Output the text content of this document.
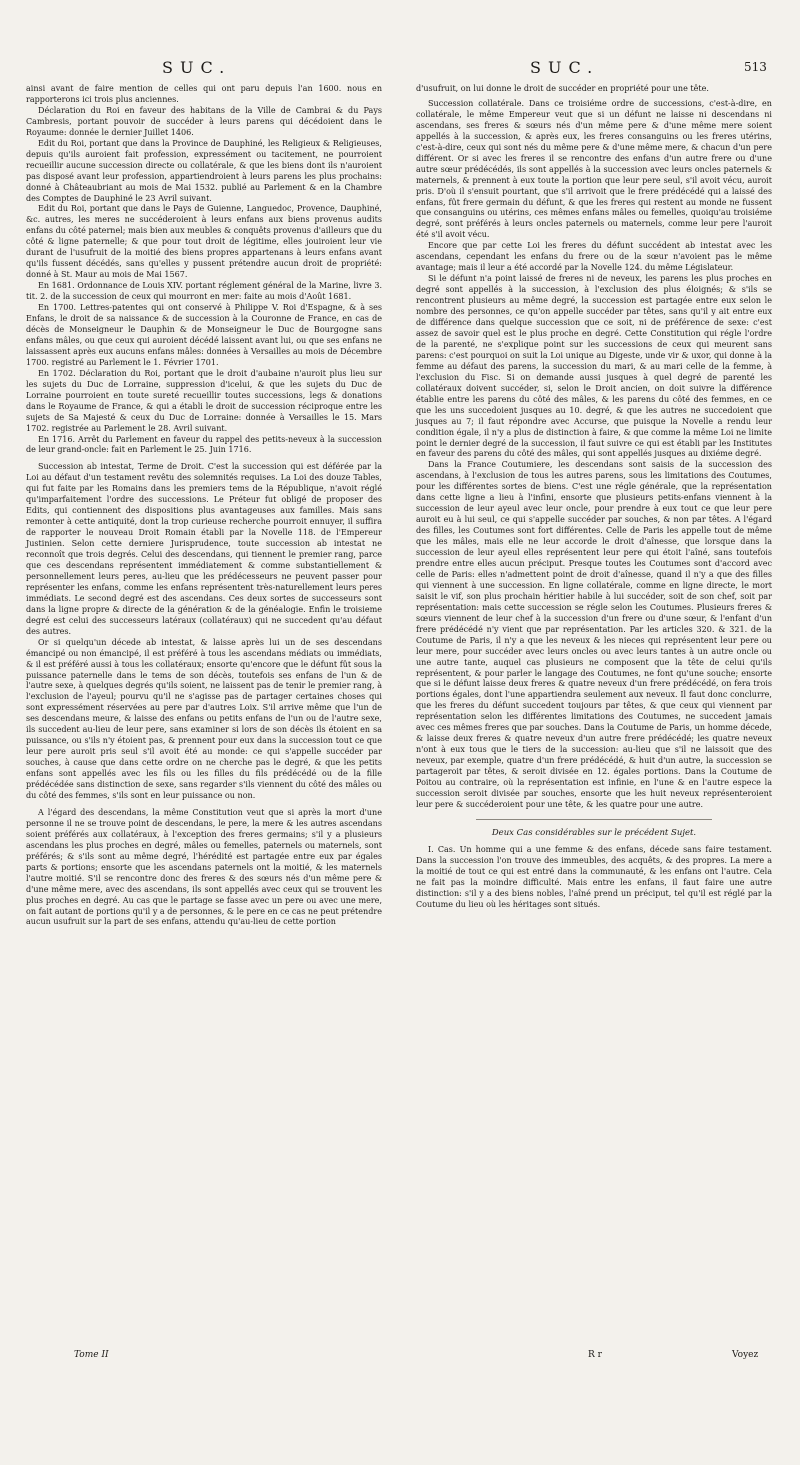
SUC.	SUC.	513

ainsi avant de faire mention de celles qui ont paru depuis l'an 1600. nous en rapporterons ici trois plus anciennes.

Déclaration du Roi en faveur des habitans de la Ville de Cambrai & du Pays Cambresis, portant pouvoir de succéder à leurs parens qui décédoient dans le Royaume: donnée le dernier Juillet 1406.

Edit du Roi, portant que dans la Province de Dauphiné, les Religieux & Religieuses, depuis qu'ils auroient fait profession, expressément ou tacitement, ne pourroient recueillir aucune succession directe ou collatérale, & que les biens dont ils n'auroient pas disposé avant leur profession, appartiendroient à leurs parens les plus prochains: donné à Châteaubriant au mois de Mai 1532. publié au Parlement & en la Chambre des Comptes de Dauphiné le 23 Avril suivant.

Edit du Roi, portant que dans le Pays de Guienne, Languedoc, Provence, Dauphiné, &c. autres, les meres ne succéderoient à leurs enfans aux biens provenus audits enfans du côté paternel; mais bien aux meubles & conquêts provenus d'ailleurs que du côté & ligne paternelle; & que pour tout droit de légitime, elles jouiroient leur vie durant de l'usufruit de la moitié des biens propres appartenans à leurs enfans avant qu'ils fussent décédés, sans qu'elles y pussent prétendre aucun droit de propriété: donné à St. Maur au mois de Mai 1567.

En 1681. Ordonnance de Louis XIV. portant réglement général de la Marine, livre 3. tit. 2. de la succession de ceux qui mourront en mer: faite au mois d'Août 1681.

En 1700. Lettres-patentes qui ont conservé à Philippe V. Roi d'Espagne, & à ses Enfans, le droit de sa naissance & de succession à la Couronne de France, en cas de décès de Monseigneur le Dauphin & de Monseigneur le Duc de Bourgogne sans enfans mâles, ou que ceux qui auroient décédé laissent avant lui, ou que ses enfans ne laissassent après eux aucuns enfans mâles: données à Versailles au mois de Décembre 1700. registré au Parlement le 1. Février 1701.

En 1702. Déclaration du Roi, portant que le droit d'aubaine n'auroit plus lieu sur les sujets du Duc de Lorraine, suppression d'icelui, & que les sujets du Duc de Lorraine pourroient en toute sureté recueillir toutes successions, legs & donations dans le Royaume de France, & qui a établi le droit de succession réciproque entre les sujets de Sa Majesté & ceux du Duc de Lorraine: donnée à Versailles le 15. Mars 1702. registrée au Parlement le 28. Avril suivant.

En 1716. Arrêt du Parlement en faveur du rappel des petits-neveux à la succession de leur grand-oncle: fait en Parlement le 25. Juin 1716.

Succession ab intestat, Terme de Droit. C'est la succession qui est déférée par la Loi au défaut d'un testament revêtu des solemnités requises. La Loi des douze Tables, qui fut faite par les Romains dans les premiers tems de la République, n'avoit réglé qu'imparfaitement l'ordre des successions. Le Préteur fut obligé de proposer des Edits, qui contiennent des dispositions plus avantageuses aux familles. Mais sans remonter à cette antiquité, dont la trop curieuse recherche pourroit ennuyer, il suffira de rapporter le nouveau Droit Romain établi par la Novelle 118. de l'Empereur Justinien. Selon cette derniere Jurisprudence, toute succession ab intestat ne reconnoît que trois degrés. Celui des descendans, qui tiennent le premier rang, parce que ces descendans représentent immédiatement & comme substantiellement & personnellement leurs peres, au-lieu que les prédécesseurs ne peuvent passer pour représenter les enfans, comme les enfans représentent très-naturellement leurs peres immédiats. Le second degré est des ascendans. Ces deux sortes de successeurs sont dans la ligne propre & directe de la génération & de la généalogie. Enfin le troisieme degré est celui des successeurs latéraux (collatéraux) qui ne succedent qu'au défaut des autres.

Or si quelqu'un décede ab intestat, & laisse après lui un de ses descendans émancipé ou non émancipé, il est préféré à tous les ascendans médiats ou immédiats, & il est préféré aussi à tous les collatéraux; ensorte qu'encore que le défunt fût sous la puissance paternelle dans le tems de son décès, toutefois ses enfans de l'un & de l'autre sexe, à quelques degrés qu'ils soient, ne laissent pas de tenir le premier rang, à l'exclusion de l'ayeul; pourvu qu'il ne s'agisse pas de partager certaines choses qui sont expressément réservées au pere par d'autres Loix. S'il arrive même que l'un de ses descendans meure, & laisse des enfans ou petits enfans de l'un ou de l'autre sexe, ils succedent au-lieu de leur pere, sans examiner si lors de son décès ils étoient en sa puissance, ou s'ils n'y étoient pas, & prennent pour eux dans la succession tout ce que leur pere auroit pris seul s'il avoit été au monde: ce qui s'appelle succéder par souches, à cause que dans cette ordre on ne cherche pas le degré, & que les petits enfans sont appellés avec les fils ou les filles du fils prédécédé ou de la fille prédécédée sans distinction de sexe, sans regarder s'ils viennent du côté des mâles ou du côté des femmes, s'ils sont en leur puissance ou non.

A l'égard des descendans, la même Constitution veut que si après la mort d'une personne il ne se trouve point de descendans, le pere, la mere & les autres ascendans soient préférés aux collatéraux, à l'exception des freres germains; s'il y a plusieurs ascendans les plus proches en degré, mâles ou femelles, paternels ou maternels, sont préférés; & s'ils sont au même degré, l'hérédité est partagée entre eux par égales parts & portions; ensorte que les ascendans paternels ont la moitié, & les maternels l'autre moitié. S'il se rencontre donc des freres & des sœurs nés d'un même pere & d'une même mere, avec des ascendans, ils sont appellés avec ceux qui se trouvent les plus proches en degré. Au cas que le partage se fasse avec un pere ou avec une mere, on fait autant de portions qu'il y a de personnes, & le pere en ce cas ne peut prétendre aucun usufruit sur la part de ses enfans, attendu qu'au-lieu de cette portion

d'usufruit, on lui donne le droit de succéder en propriété pour une tête.

Succession collatérale. Dans ce troisiéme ordre de successions, c'est-à-dire, en collatérale, le même Empereur veut que si un défunt ne laisse ni descendans ni ascendans, ses freres & sœurs nés d'un même pere & d'une même mere soient appellés à la succession, & après eux, les freres consanguins ou les freres utérins, c'est-à-dire, ceux qui sont nés du même pere & d'une même mere, & chacun d'un pere différent. Or si avec les freres il se rencontre des enfans d'un autre frere ou d'une autre sœur prédécédés, ils sont appellés à la succession avec leurs oncles paternels & maternels, & prennent à eux toute la portion que leur pere seul, s'il avoit vécu, auroit pris. D'où il s'ensuit pourtant, que s'il arrivoit que le frere prédécédé qui a laissé des enfans, fût frere germain du défunt, & que les freres qui restent au monde ne fussent que consanguins ou utérins, ces mêmes enfans mâles ou femelles, quoiqu'au troisiéme degré, sont préférés à leurs oncles paternels ou maternels, comme leur pere l'auroit été s'il avoit vécu.

Encore que par cette Loi les freres du défunt succédent ab intestat avec les ascendans, cependant les enfans du frere ou de la sœur n'avoient pas le même avantage; mais il leur a été accordé par la Novelle 124. du même Législateur.

Si le défunt n'a point laissé de freres ni de neveux, les parens les plus proches en degré sont appellés à la succession, à l'exclusion des plus éloignés; & s'ils se rencontrent plusieurs au même degré, la succession est partagée entre eux selon le nombre des personnes, ce qu'on appelle succéder par têtes, sans qu'il y ait entre eux de différence dans quelque succession que ce soit, ni de préférence de sexe: c'est assez de savoir quel est le plus proche en degré. Cette Constitution qui régle l'ordre de la parenté, ne s'explique point sur les successions de ceux qui meurent sans parens: c'est pourquoi on suit la Loi unique au Digeste, unde vir & uxor, qui donne à la femme au défaut des parens, la succession du mari, & au mari celle de la femme, à l'exclusion du Fisc. Si on demande aussi jusques à quel degré de parenté les collatéraux doivent succéder, si, selon le Droit ancien, on doit suivre la différence établie entre les parens du côté des mâles, & les parens du côté des femmes, en ce que les uns succedoient jusques au 10. degré, & que les autres ne succedoient que jusques au 7; il faut répondre avec Accurse, que puisque la Novelle a rendu leur condition égale, il n'y a plus de distinction à faire, & que comme la même Loi ne limite point le dernier degré de la succession, il faut suivre ce qui est établi par les Institutes en faveur des parens du côté des mâles, qui sont appellés jusques au dixiéme degré.

Dans la France Coutumiere, les descendans sont saisis de la succession des ascendans, à l'exclusion de tous les autres parens, sous les limitations des Coutumes, pour les différentes sortes de biens. C'est une régle générale, que la représentation dans cette ligne a lieu à l'infini, ensorte que plusieurs petits-enfans viennent à la succession de leur ayeul avec leur oncle, pour prendre à eux tout ce que leur pere auroit eu à lui seul, ce qui s'appelle succéder par souches, & non par têtes. A l'égard des filles, les Coutumes sont fort différentes. Celle de Paris les appelle tout de même que les mâles, mais elle ne leur accorde le droit d'aînesse, que lorsque dans la succession de leur ayeul elles représentent leur pere qui étoit l'aîné, sans toutefois prendre entre elles aucun préciput. Presque toutes les Coutumes sont d'accord avec celle de Paris: elles n'admettent point de droit d'aînesse, quand il n'y a que des filles qui viennent à une succession. En ligne collatérale, comme en ligne directe, le mort saisit le vif, son plus prochain héritier habile à lui succéder, soit de son chef, soit par représentation: mais cette succession se régle selon les Coutumes. Plusieurs freres & sœurs viennent de leur chef à la succession d'un frere ou d'une sœur, & l'enfant d'un frere prédécédé n'y vient que par représentation. Par les articles 320. & 321. de la Coutume de Paris, il n'y a que les neveux & les nieces qui représentent leur pere ou leur mere, pour succéder avec leurs oncles ou avec leurs tantes à un autre oncle ou une autre tante, auquel cas plusieurs ne composent que la tête de celui qu'ils représentent, & pour parler le langage des Coutumes, ne font qu'une souche; ensorte que si le défunt laisse deux freres & quatre neveux d'un frere prédécédé, on fera trois portions égales, dont l'une appartiendra seulement aux neveux. Il faut donc conclurre, que les freres du défunt succedent toujours par têtes, & que ceux qui viennent par représentation selon les différentes limitations des Coutumes, ne succedent jamais avec ces mêmes freres que par souches. Dans la Coutume de Paris, un homme décede, & laisse deux freres & quatre neveux d'un autre frere prédécédé; les quatre neveux n'ont à eux tous que le tiers de la succession: au-lieu que s'il ne laissoit que des neveux, par exemple, quatre d'un frere prédécédé, & huit d'un autre, la succession se partageroit par têtes, & seroit divisée en 12. égales portions. Dans la Coutume de Poitou au contraire, où la représentation est infinie, en l'une & en l'autre espece la succession seroit divisée par souches, ensorte que les huit neveux représenteroient leur pere & succéderoient pour une tête, & les quatre pour une autre.

Deux Cas considérables sur le précédent Sujet.

I. Cas. Un homme qui a une femme & des enfans, décede sans faire testament. Dans la succession l'on trouve des immeubles, des acquêts, & des propres. La mere a la moitié de tout ce qui est entré dans la communauté, & les enfans ont l'autre. Cela ne fait pas la moindre difficulté. Mais entre les enfans, il faut faire une autre distinction: s'il y a des biens nobles, l'aîné prend un préciput, tel qu'il est réglé par la Coutume du lieu où les héritages sont situés.

Tome II	R r	Voyez
